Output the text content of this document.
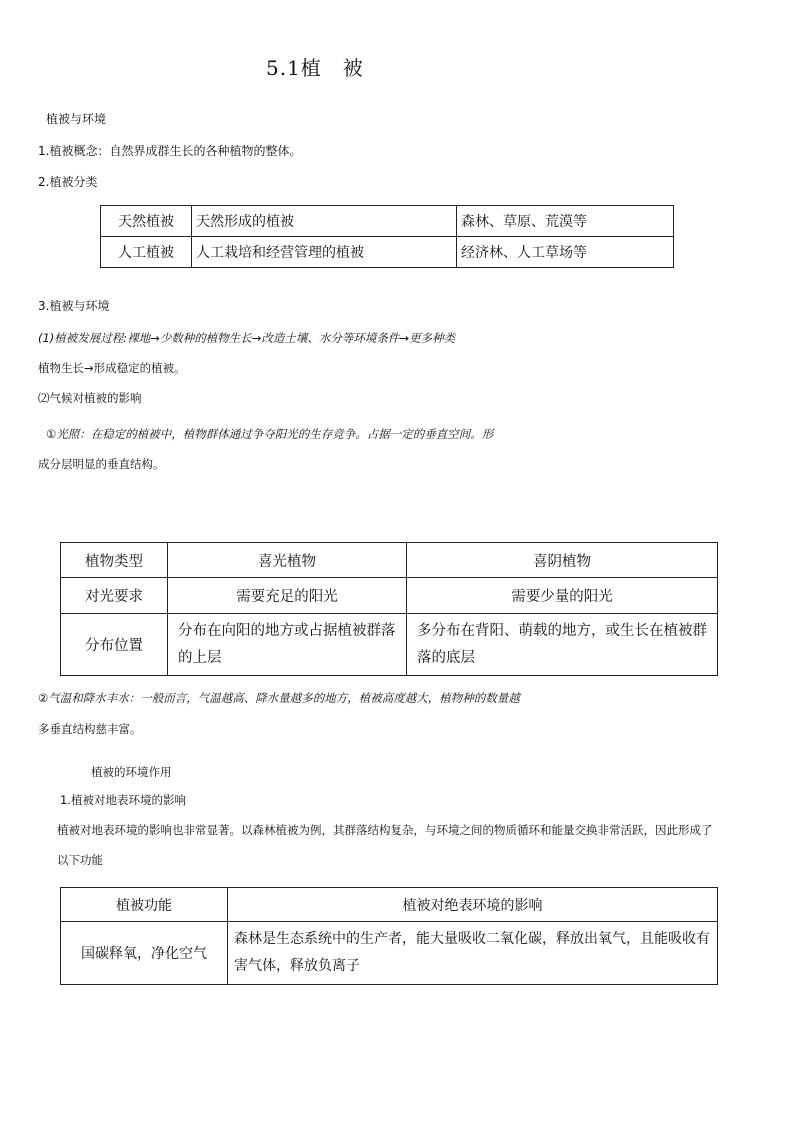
5.1植　被
植被与环境
1.植被概念：自然界成群生长的各种植物的整体。
2.植被分类
天然植被	天然形成的植被	森林、草原、荒漠等
人工植被	人工栽培和经营管理的植被	经济林、人工草场等
3.植被与环境
(1)植被发展过程:裸地→少数种的植物生长→改造土壤、水分等环境条件→更多种类
植物生长→形成稳定的植被。
⑵气候对植被的影响
①光照：在稳定的植被中，植物群体通过争夺阳光的生存竞争。占据一定的垂直空间。形
成分层明显的垂直结构。
植物类型	喜光植物	喜阴植物
对光要求	需要充足的阳光	需要少量的阳光
分布位置	分布在向阳的地方或占据植被群落的上层	多分布在背阳、萌载的地方，或生长在植被群落的底层
②气温和降水丰水：一般而言，气温越高、降水量越多的地方，植被高度越大，植物种的数量越
多垂直结构慈丰富。
植被的环境作用
1.植被对地表环境的影响
植被对地表环境的影响也非常显著。以森林植被为例，其群落结构复杂，与环境之间的物质循环和能量交换非常活跃，因此形成了
以下功能
植被功能	植被对绝表环境的影响
国碳释氧，净化空气	森林是生态系统中的生产者，能大量吸收二氧化碳，释放出氧气，且能吸收有害气体，释放负离子
